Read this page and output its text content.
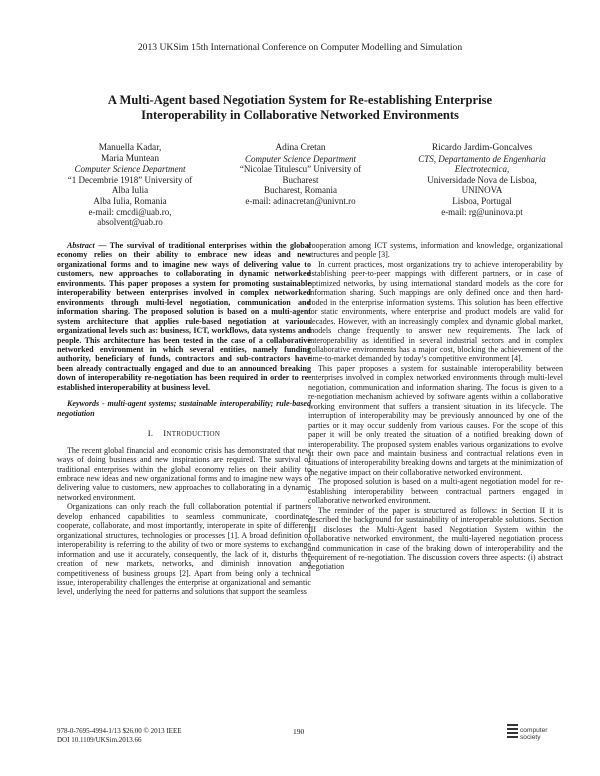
2013 UKSim 15th International Conference on Computer Modelling and Simulation
A Multi-Agent based Negotiation System for Re-establishing Enterprise
Interoperability in Collaborative Networked Environments
Manuella Kadar,
Maria Muntean
Computer Science Department
“1 Decembrie 1918” University of
Alba Iulia
Alba Iulia, Romania
e-mail: cmcdi@uab.ro,
absolvent@uab.ro
Adina Cretan
Computer Science Department
“Nicolae Titulescu” University of
Bucharest
Bucharest, Romania
e-mail: adinacretan@univnt.ro
Ricardo Jardim-Goncalves
CTS, Departamento de Engenharia Electrotecnica,
Universidade Nova de Lisboa,
UNINOVA
Lisboa, Portugal
e-mail: rg@uninova.pt

Abstract — The survival of traditional enterprises within the global economy relies on their ability to embrace new ideas and new organizational forms and to imagine new ways of delivering value to customers, new approaches to collaborating in dynamic networked environments. This paper proposes a system for promoting sustainable interoperability between enterprises involved in complex networked environments through multi-level negotiation, communication and information sharing. The proposed solution is based on a multi-agent system architecture that applies rule-based negotiation at various organizational levels such as: business, ICT, workflows, data systems and people. This architecture has been tested in the case of a collaborative networked environment in which several entities, namely funding authority, beneficiary of funds, contractors and sub-contractors have been already contractually engaged and due to an announced breaking down of interoperability re-negotiation has been required in order to re-established interoperability at business level.

Keywords - multi-agent systems; sustainable interoperability; rule-based negotiation

I. INTRODUCTION

The recent global financial and economic crisis has demonstrated that new ways of doing business and new inspirations are required. The survival of traditional enterprises within the global economy relies on their ability to embrace new ideas and new organizational forms and to imagine new ways of delivering value to customers, new approaches to collaborating in a dynamic networked environment.

Organizations can only reach the full collaboration potential if partners develop enhanced capabilities to seamless communicate, coordinate, cooperate, collaborate, and most importantly, interoperate in spite of different organizational structures, technologies or processes [1]. A broad definition of interoperability is referring to the ability of two or more systems to exchange information and use it accurately, consequently, the lack of it, disturbs the creation of new markets, networks, and diminish innovation and competitiveness of business groups [2]. Apart from being only a technical issue, interoperability challenges the enterprise at organizational and semantic level, underlying the need for patterns and solutions that support the seamless

cooperation among ICT systems, information and knowledge, organizational structures and people [3].

In current practices, most organizations try to achieve interoperability by establishing peer-to-peer mappings with different partners, or in case of optimized networks, by using international standard models as the core for information sharing. Such mappings are only defined once and then hard-coded in the enterprise information systems. This solution has been effective for static environments, where enterprise and product models are valid for decades. However, with an increasingly complex and dynamic global market, models change frequently to answer new requirements. The lack of interoperability as identified in several industrial sectors and in complex collaborative environments has a major cost, blocking the achievement of the time-to-market demanded by today’s competitive environment [4].

This paper proposes a system for sustainable interoperability between enterprises involved in complex networked environments through multi-level negotiation, communication and information sharing. The focus is given to a re-negotiation mechanism achieved by software agents within a collaborative working environment that suffers a transient situation in its lifecycle. The interruption of interoperability may be previously announced by one of the parties or it may occur suddenly from various causes. For the scope of this paper it will be only treated the situation of a notified breaking down of interoperability. The proposed system enables various organizations to evolve at their own pace and maintain business and contractual relations even in situations of interoperability breaking downs and targets at the minimization of the negative impact on their collaborative networked environment.

The proposed solution is based on a multi-agent negotiation model for re-establishing interoperability between contractual partners engaged in collaborative networked environment.

The reminder of the paper is structured as follows: in Section II it is described the background for sustainability of interoperable solutions. Section III discloses the Multi-Agent based Negotiation System within the collaborative networked environment, the multi-layered negotiation process and communication in case of the braking down of interoperability and the requirement of re-negotiation. The discussion covers three aspects: (i) abstract negotiation

978-0-7695-4994-1/13 $26.00 © 2013 IEEE
DOI 10.1109/UKSim.2013.66
190	computer
society
